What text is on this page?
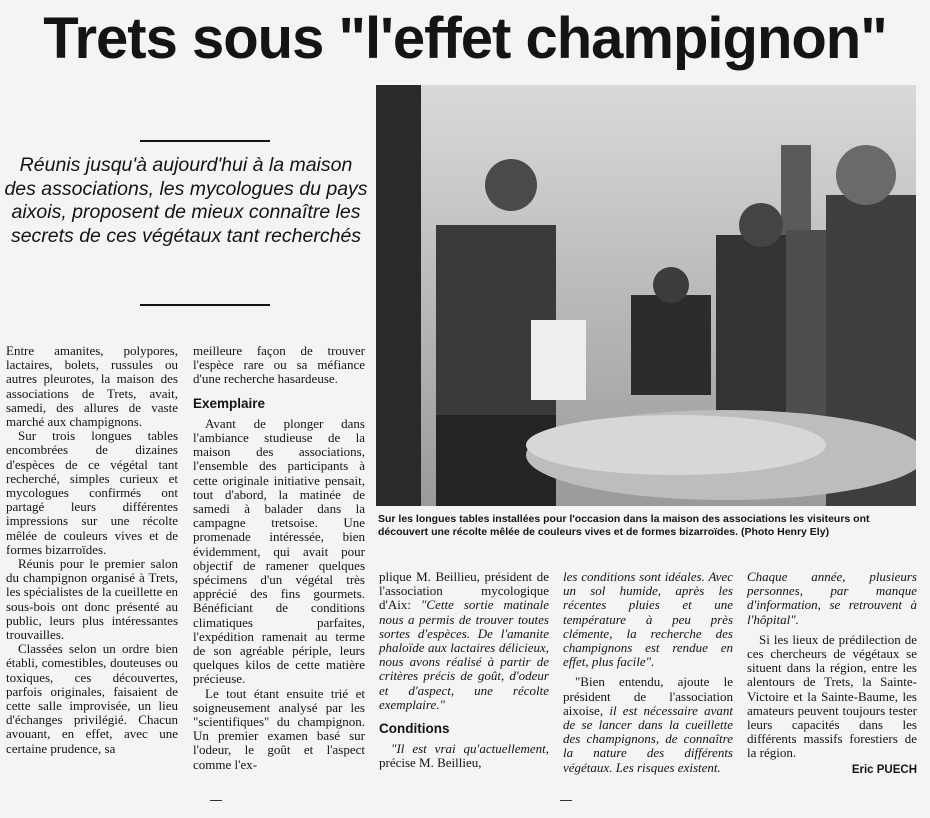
Trets sous "l'effet champignon"
Réunis jusqu'à aujourd'hui à la maison des associations, les mycologues du pays aixois, proposent de mieux connaître les secrets de ces végétaux tant recherchés
Sur les longues tables installées pour l'occasion dans la maison des associations les visiteurs ont découvert une récolte mêlée de couleurs vives et de formes bizarroïdes. (Photo Henry Ely)

Entre amanites, polypores, lactaires, bolets, russules ou autres pleurotes, la maison des associations de Trets, avait, samedi, des allures de vaste marché aux champignons.

Sur trois longues tables encombrées de dizaines d'espèces de ce végétal tant recherché, simples curieux et mycologues confirmés ont partagé leurs différentes impressions sur une récolte mêlée de couleurs vives et de formes bizarroïdes.

Réunis pour le premier salon du champignon organisé à Trets, les spécialistes de la cueillette en sous-bois ont donc présenté au public, leurs plus intéressantes trouvailles.

Classées selon un ordre bien établi, comestibles, douteuses ou toxiques, ces découvertes, parfois originales, faisaient de cette salle improvisée, un lieu d'échanges privilégié. Chacun avouant, en effet, avec une certaine prudence, sa

meilleure façon de trouver l'espèce rare ou sa méfiance d'une recherche hasardeuse.

Exemplaire

Avant de plonger dans l'ambiance studieuse de la maison des associations, l'ensemble des participants à cette originale initiative pensait, tout d'abord, la matinée de samedi à balader dans la campagne tretsoise. Une promenade intéressée, bien évidemment, qui avait pour objectif de ramener quelques spécimens d'un végétal très apprécié des fins gourmets. Bénéficiant de conditions climatiques parfaites, l'expédition ramenait au terme de son agréable périple, leurs quelques kilos de cette matière précieuse.

Le tout étant ensuite trié et soigneusement analysé par les "scientifiques" du champignon. Un premier examen basé sur l'odeur, le goût et l'aspect comme l'ex-

plique M. Beillieu, président de l'association mycologique d'Aix: "Cette sortie matinale nous a permis de trouver toutes sortes d'espèces. De l'amanite phaloïde aux lactaires délicieux, nous avons réalisé à partir de critères précis de goût, d'odeur et d'aspect, une récolte exemplaire."

Conditions

"Il est vrai qu'actuellement, précise M. Beillieu,

les conditions sont idéales. Avec un sol humide, après les récentes pluies et une température à peu près clémente, la recherche des champignons est rendue en effet, plus facile".

"Bien entendu, ajoute le président de l'association aixoise, il est nécessaire avant de se lancer dans la cueillette des champignons, de connaître la nature des différents végétaux. Les risques existent.

Chaque année, plusieurs personnes, par manque d'information, se retrouvent à l'hôpital".

Si les lieux de prédilection de ces chercheurs de végétaux se situent dans la région, entre les alentours de Trets, la Sainte-Victoire et la Sainte-Baume, les amateurs peuvent toujours tester leurs capacités dans les différents massifs forestiers de la région.

Eric PUECH
